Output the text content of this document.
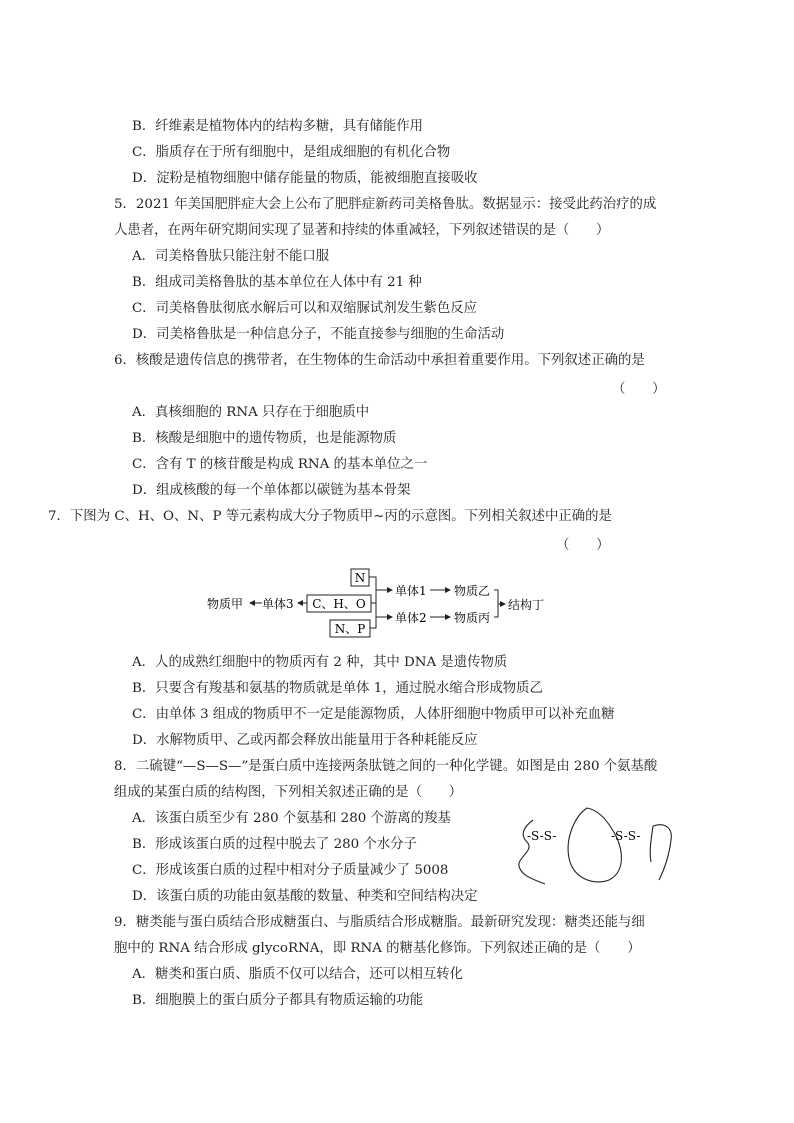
B．纤维素是植物体内的结构多糖，具有储能作用
C．脂质存在于所有细胞中，是组成细胞的有机化合物
D．淀粉是植物细胞中储存能量的物质，能被细胞直接吸收
5．2021 年美国肥胖症大会上公布了肥胖症新药司美格鲁肽。数据显示：接受此药治疗的成
人患者，在两年研究期间实现了显著和持续的体重减轻，下列叙述错误的是（　　）
A．司美格鲁肽只能注射不能口服
B．组成司美格鲁肽的基本单位在人体中有 21 种
C．司美格鲁肽彻底水解后可以和双缩脲试剂发生紫色反应
D．司美格鲁肽是一种信息分子，不能直接参与细胞的生命活动
6．核酸是遗传信息的携带者，在生物体的生命活动中承担着重要作用。下列叙述正确的是
（　　）
A．真核细胞的 RNA 只存在于细胞质中
B．核酸是细胞中的遗传物质，也是能源物质
C．含有 T 的核苷酸是构成 RNA 的基本单位之一
D．组成核酸的每一个单体都以碳链为基本骨架
7．下图为 C、H、O、N、P 等元素构成大分子物质甲~丙的示意图。下列相关叙述中正确的是
（　　）
N
C、H、O
N、P
单体3
物质甲
单体1 物质乙
单体2 物质丙
结构丁
A．人的成熟红细胞中的物质丙有 2 种，其中 DNA 是遗传物质
B．只要含有羧基和氨基的物质就是单体 1，通过脱水缩合形成物质乙
C．由单体 3 组成的物质甲不一定是能源物质，人体肝细胞中物质甲可以补充血糖
D．水解物质甲、乙或丙都会释放出能量用于各种耗能反应
8．二硫键“—S—S—”是蛋白质中连接两条肽链之间的一种化学键。如图是由 280 个氨基酸
组成的某蛋白质的结构图，下列相关叙述正确的是（　　）
A．该蛋白质至少有 280 个氨基和 280 个游离的羧基
B．形成该蛋白质的过程中脱去了 280 个水分子
C．形成该蛋白质的过程中相对分子质量减少了 5008
D．该蛋白质的功能由氨基酸的数量、种类和空间结构决定
-S-S-	-S-S-
9．糖类能与蛋白质结合形成糖蛋白、与脂质结合形成糖脂。最新研究发现：糖类还能与细
胞中的 RNA 结合形成 glycoRNA，即 RNA 的糖基化修饰。下列叙述正确的是（　　）
A．糖类和蛋白质、脂质不仅可以结合，还可以相互转化
B．细胞膜上的蛋白质分子都具有物质运输的功能
